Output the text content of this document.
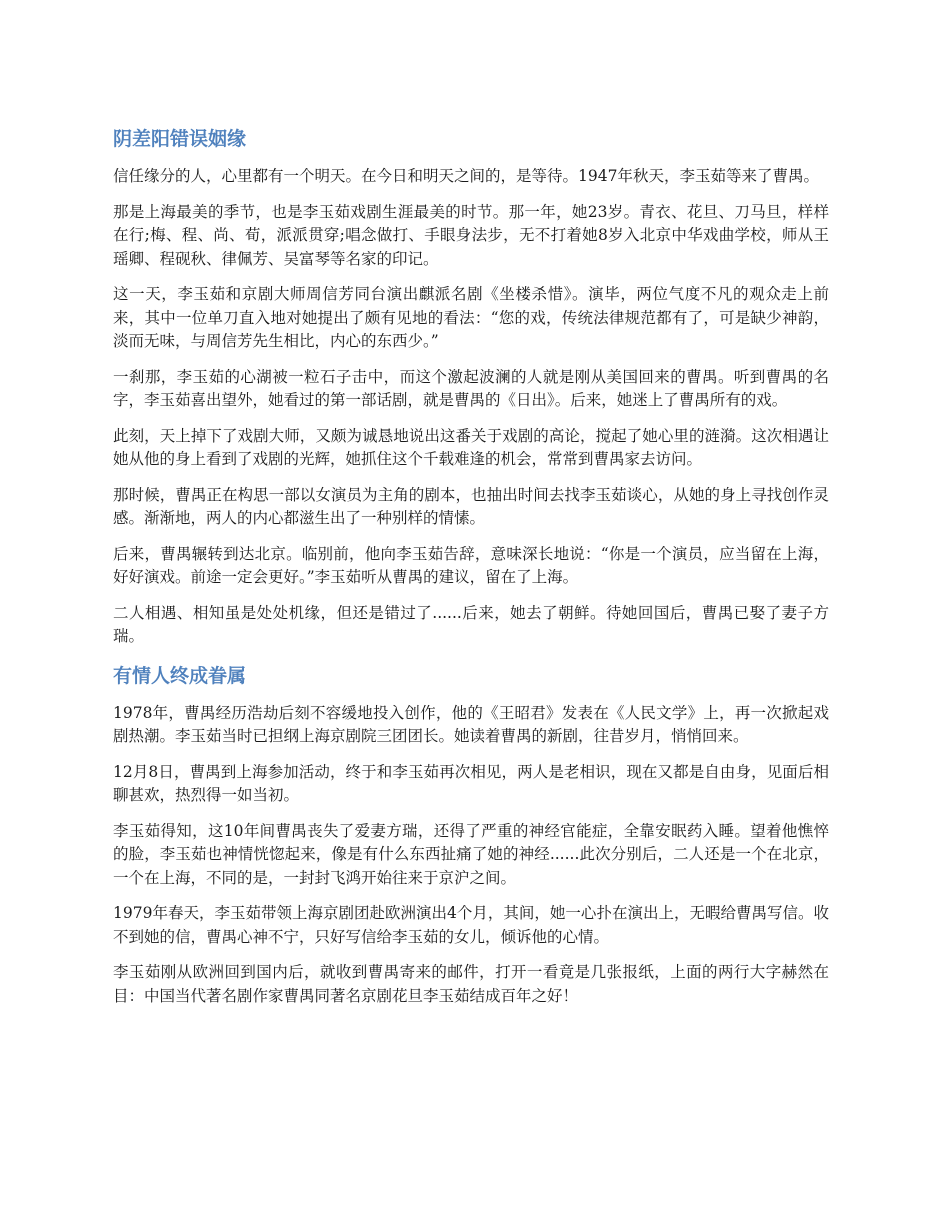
阴差阳错误姻缘

信任缘分的人，心里都有一个明天。在今日和明天之间的，是等待。1947年秋天，李玉茹等来了曹禺。

那是上海最美的季节，也是李玉茹戏剧生涯最美的时节。那一年，她23岁。青衣、花旦、刀马旦，样样在行;梅、程、尚、荀，派派贯穿;唱念做打、手眼身法步，无不打着她8岁入北京中华戏曲学校，师从王瑶卿、程砚秋、律佩芳、吴富琴等名家的印记。

这一天，李玉茹和京剧大师周信芳同台演出麒派名剧《坐楼杀惜》。演毕，两位气度不凡的观众走上前来，其中一位单刀直入地对她提出了颇有见地的看法：“您的戏，传统法律规范都有了，可是缺少神韵，淡而无味，与周信芳先生相比，内心的东西少。”

一刹那，李玉茹的心湖被一粒石子击中，而这个激起波澜的人就是刚从美国回来的曹禺。听到曹禺的名字，李玉茹喜出望外，她看过的第一部话剧，就是曹禺的《日出》。后来，她迷上了曹禺所有的戏。

此刻，天上掉下了戏剧大师，又颇为诚恳地说出这番关于戏剧的高论，搅起了她心里的涟漪。这次相遇让她从他的身上看到了戏剧的光辉，她抓住这个千载难逢的机会，常常到曹禺家去访问。

那时候，曹禺正在构思一部以女演员为主角的剧本，也抽出时间去找李玉茹谈心，从她的身上寻找创作灵感。渐渐地，两人的内心都滋生出了一种别样的情愫。

后来，曹禺辗转到达北京。临别前，他向李玉茹告辞，意味深长地说：“你是一个演员，应当留在上海，好好演戏。前途一定会更好。”李玉茹听从曹禺的建议，留在了上海。

二人相遇、相知虽是处处机缘，但还是错过了......后来，她去了朝鲜。待她回国后，曹禺已娶了妻子方瑞。

有情人终成眷属

1978年，曹禺经历浩劫后刻不容缓地投入创作，他的《王昭君》发表在《人民文学》上，再一次掀起戏剧热潮。李玉茹当时已担纲上海京剧院三团团长。她读着曹禺的新剧，往昔岁月，悄悄回来。

12月8日，曹禺到上海参加活动，终于和李玉茹再次相见，两人是老相识，现在又都是自由身，见面后相聊甚欢，热烈得一如当初。

李玉茹得知，这10年间曹禺丧失了爱妻方瑞，还得了严重的神经官能症，全靠安眠药入睡。望着他憔悴的脸，李玉茹也神情恍惚起来，像是有什么东西扯痛了她的神经......此次分别后，二人还是一个在北京，一个在上海，不同的是，一封封飞鸿开始往来于京沪之间。

1979年春天，李玉茹带领上海京剧团赴欧洲演出4个月，其间，她一心扑在演出上，无暇给曹禺写信。收不到她的信，曹禺心神不宁，只好写信给李玉茹的女儿，倾诉他的心情。

李玉茹刚从欧洲回到国内后，就收到曹禺寄来的邮件，打开一看竟是几张报纸，上面的两行大字赫然在目：中国当代著名剧作家曹禺同著名京剧花旦李玉茹结成百年之好！
